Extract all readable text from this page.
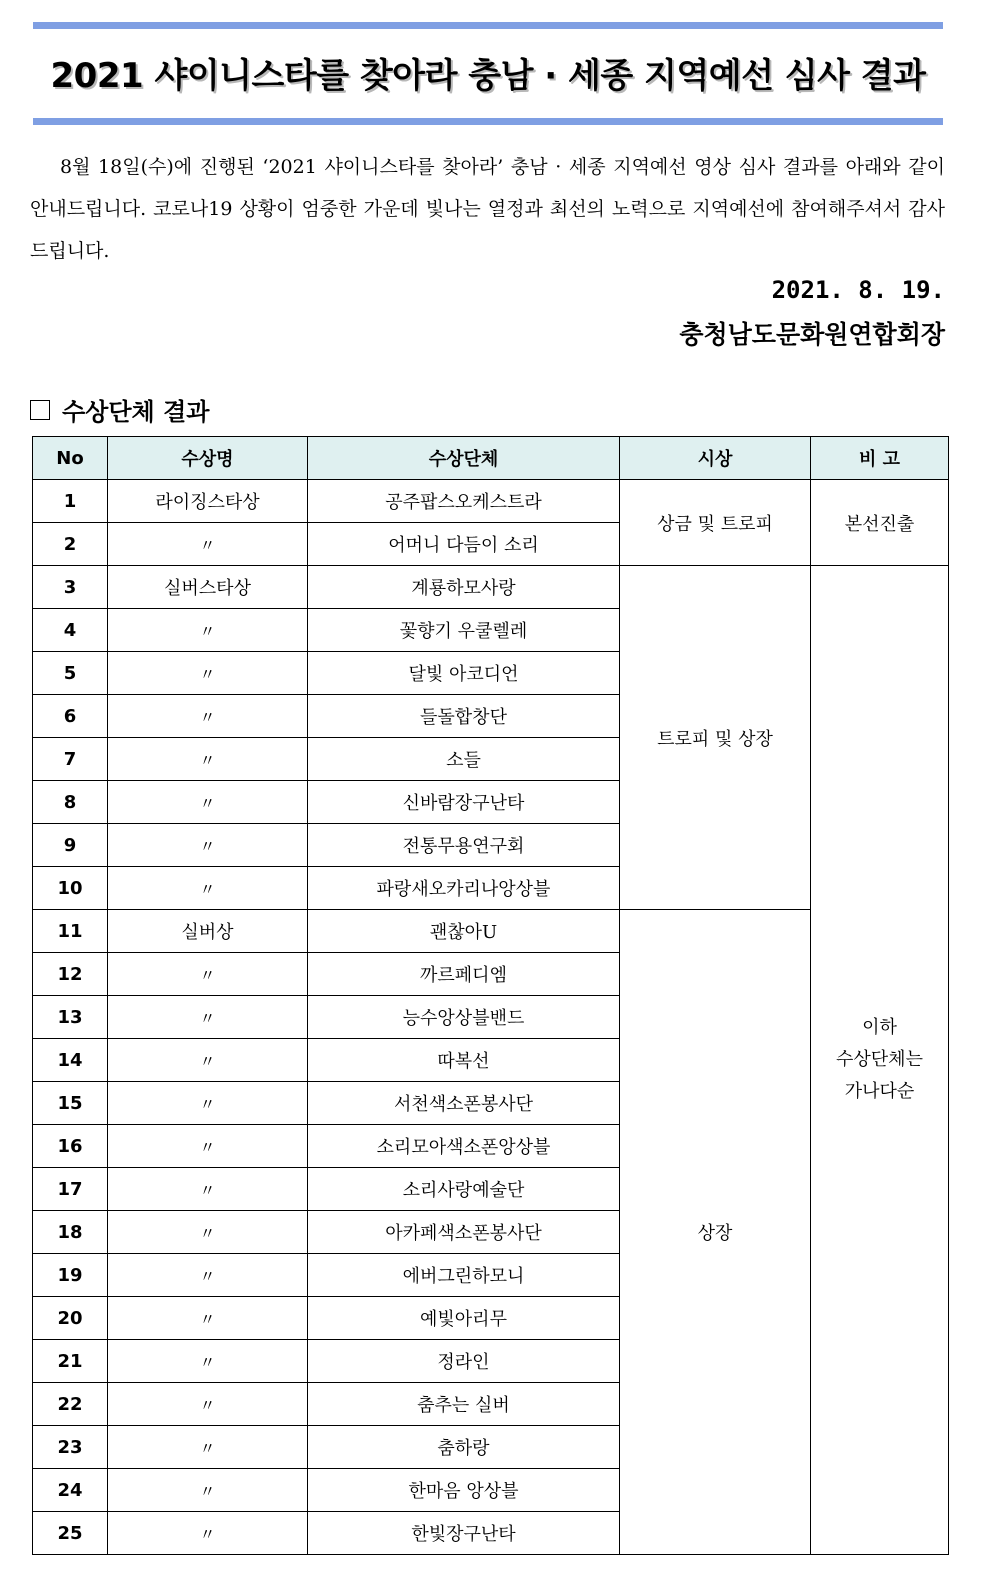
2021 샤이니스타를 찾아라 충남 · 세종 지역예선 심사 결과

8월 18일(수)에 진행된 ‘2021 샤이니스타를 찾아라’ 충남 · 세종 지역예선 영상 심사 결과를 아래와 같이 안내드립니다. 코로나19 상황이 엄중한 가운데 빛나는 열정과 최선의 노력으로 지역예선에 참여해주셔서 감사드립니다.

2021. 8. 19.
충청남도문화원연합회장
수상단체 결과
No	수상명	수상단체	시상	비 고
1	라이징스타상	공주팝스오케스트라	상금 및 트로피	본선진출
2	〃	어머니 다듬이 소리		
3	실버스타상	계룡하모사랑	트로피 및 상장	이하
수상단체는
가나다순

4	〃	꽃향기 우쿨렐레		
5	〃	달빛 아코디언		
6	〃	들돌합창단		
7	〃	소들		
8	〃	신바람장구난타		
9	〃	전통무용연구회		
10	〃	파랑새오카리나앙상블		
11	실버상	괜찮아U	상장	
12	〃	까르페디엠		
13	〃	능수앙상블밴드		
14	〃	따복선		
15	〃	서천색소폰봉사단		
16	〃	소리모아색소폰앙상블		
17	〃	소리사랑예술단		
18	〃	아카페색소폰봉사단		
19	〃	에버그린하모니		
20	〃	예빛아리무		
21	〃	정라인		
22	〃	춤추는 실버		
23	〃	춤하랑		
24	〃	한마음 앙상블		
25	〃	한빛장구난타		
